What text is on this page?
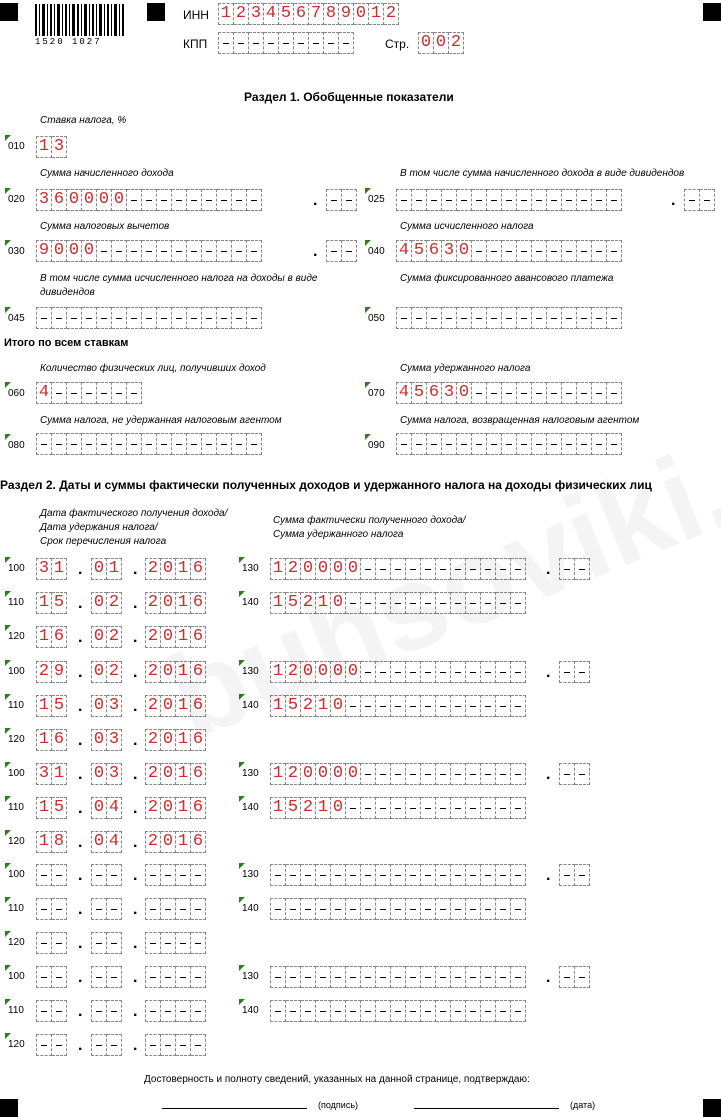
1520 1027
ИНН 1 2 3 4 5 6 7 8 9 0 1 2
КПП	Стр. 0 0 2
Раздел 1. Обобщенные показатели
Ставка налога, %
010 1 3
Сумма начисленного дохода
020 3 6 0 0 0 0	.
В том числе сумма начисленного дохода в виде дивидендов
025	.
Сумма налоговых вычетов
030 9 0 0 0	.
Сумма исчисленного налога
040 4 5 6 3 0
В том числе сумма исчисленного налога на доходы в виде
дивидендов
045
Сумма фиксированного авансового платежа
050
Итого по всем ставкам
Количество физических лиц, получивших доход
060 4
Сумма удержанного налога
070 4 5 6 3 0
Сумма налога, не удержанная налоговым агентом
080
Сумма налога, возвращенная налоговым агентом
090
Раздел 2. Даты и суммы фактически полученных доходов и удержанного налога на доходы физических лиц
Дата фактического получения дохода/
Дата удержания налога/
Срок перечисления налога
Сумма фактически полученного дохода/
Сумма удержанного налога
100 3 1 . 0 1 . 2 0 1 6
110 1 5 . 0 2 . 2 0 1 6
120 1 6 . 0 2 . 2 0 1 6
130 1 2 0 0 0 0	.
140 1 5 2 1 0
100 2 9 . 0 2 . 2 0 1 6
110 1 5 . 0 3 . 2 0 1 6
120 1 6 . 0 3 . 2 0 1 6
130 1 2 0 0 0 0	.
140 1 5 2 1 0
100 3 1 . 0 3 . 2 0 1 6
110 1 5 . 0 4 . 2 0 1 6
120 1 8 . 0 4 . 2 0 1 6
130 1 2 0 0 0 0	.
140 1 5 2 1 0
100	.	.
110	.	.
120	.	.
130	.
140
100	.	.
110	.	.
120	.	.
130	.
140
Достоверность и полноту сведений, указанных на данной странице, подтверждаю:
(подпись)	(дата)
